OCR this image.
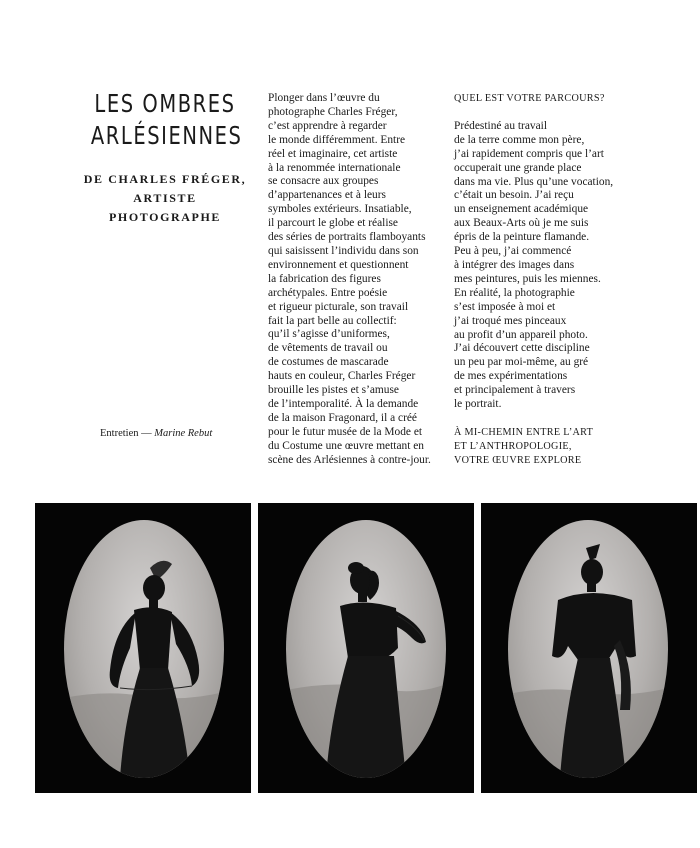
LES OMBRES
ARLÉSIENNES
DE CHARLES FRÉGER,
ARTISTE
PHOTOGRAPHE
Entretien — Marine Rebut
Plonger dans l’œuvre du
photographe Charles Fréger,
c’est apprendre à regarder
le monde différemment. Entre
réel et imaginaire, cet artiste
à la renommée internationale
se consacre aux groupes
d’appartenances et à leurs
symboles extérieurs. Insatiable,
il parcourt le globe et réalise
des séries de portraits flamboyants
qui saisissent l’individu dans son
environnement et questionnent
la fabrication des figures
archétypales. Entre poésie
et rigueur picturale, son travail
fait la part belle au collectif:
qu’il s’agisse d’uniformes,
de vêtements de travail ou
de costumes de mascarade
hauts en couleur, Charles Fréger
brouille les pistes et s’amuse
de l’intemporalité. À la demande
de la maison Fragonard, il a créé
pour le futur musée de la Mode et
du Costume une œuvre mettant en
scène des Arlésiennes à contre-jour.
QUEL EST VOTRE PARCOURS?
Prédestiné au travail
de la terre comme mon père,
j’ai rapidement compris que l’art
occuperait une grande place
dans ma vie. Plus qu’une vocation,
c’était un besoin. J’ai reçu
un enseignement académique
aux Beaux-Arts où je me suis
épris de la peinture flamande.
Peu à peu, j’ai commencé
à intégrer des images dans
mes peintures, puis les miennes.
En réalité, la photographie
s’est imposée à moi et
j’ai troqué mes pinceaux
au profit d’un appareil photo.
J’ai découvert cette discipline
un peu par moi-même, au gré
de mes expérimentations
et principalement à travers
le portrait.
À MI-CHEMIN ENTRE L’ART
ET L’ANTHROPOLOGIE,
VOTRE ŒUVRE EXPLORE
